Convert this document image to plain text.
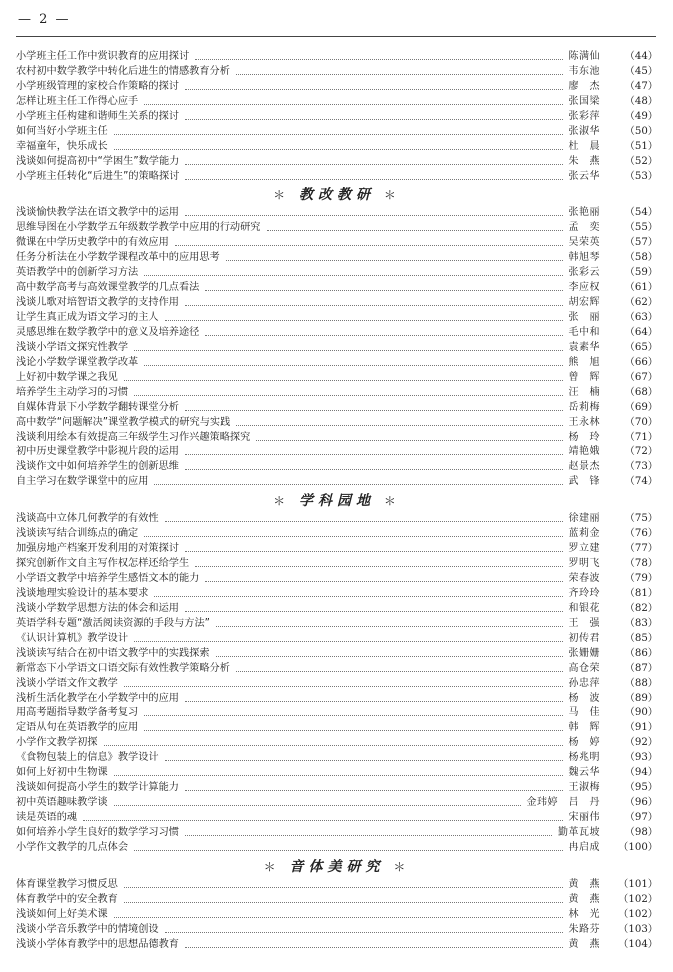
— 2 —
小学班主任工作中赏识教育的应用探讨	陈满仙	（44）
农村初中数学教学中转化后进生的情感教育分析	韦东池	（45）
小学班级管理的家校合作策略的探讨	廖　杰	（47）
怎样让班主任工作得心应手	张国梁	（48）
小学班主任构建和谐师生关系的探讨	张彩萍	（49）
如何当好小学班主任	张淑华	（50）
幸福童年，快乐成长	杜　晨	（51）
浅谈如何提高初中“学困生”数学能力	朱　燕	（52）
小学班主任转化“后进生”的策略探讨	张云华	（53）
＊ 教改教研 ＊
浅谈愉快教学法在语文教学中的运用	张艳丽	（54）
思维导图在小学数学五年级数学教学中应用的行动研究	孟　奕	（55）
微课在中学历史教学中的有效应用	吴荣英	（57）
任务分析法在小学数学课程改革中的应用思考	韩旭琴	（58）
英语教学中的创新学习方法	张彩云	（59）
高中数学高考与高效课堂教学的几点看法	李应权	（61）
浅谈儿歌对培智语文教学的支持作用	胡宏辉	（62）
让学生真正成为语文学习的主人	张　丽	（63）
灵感思维在数学教学中的意义及培养途径	毛中和	（64）
浅谈小学语文探究性教学	袁素华	（65）
浅论小学数学课堂教学改革	熊　旭	（66）
上好初中数学课之我见	曾　辉	（67）
培养学生主动学习的习惯	汪　楠	（68）
自媒体背景下小学数学翻转课堂分析	岳莉梅	（69）
高中数学“问题解决”课堂教学模式的研究与实践	王永林	（70）
浅谈利用绘本有效提高三年级学生习作兴趣策略探究	杨　玲	（71）
初中历史课堂教学中影视片段的运用	靖艳娥	（72）
浅谈作文中如何培养学生的创新思维	赵景杰	（73）
自主学习在数学课堂中的应用	武　锋	（74）
＊ 学科园地 ＊
浅谈高中立体几何教学的有效性	徐建丽	（75）
浅谈读写结合训练点的确定	蓝莉金	（76）
加强房地产档案开发利用的对策探讨	罗立建	（77）
探究创新作文自主写作权怎样还给学生	罗明飞	（78）
小学语文教学中培养学生感悟文本的能力	荣春波	（79）
浅谈地理实验设计的基本要求	齐玲玲	（81）
浅谈小学数学思想方法的体会和运用	和银花	（82）
英语学科专题“激活阅读资源的手段与方法”	王　强	（83）
《认识计算机》教学设计	初传君	（85）
浅谈读写结合在初中语文教学中的实践探索	张姗姗	（86）
新常态下小学语文口语交际有效性教学策略分析	高仓荣	（87）
浅谈小学语文作文教学	孙忠萍	（88）
浅析生活化教学在小学数学中的应用	杨　波	（89）
用高考题指导数学备考复习	马　佳	（90）
定语从句在英语教学的应用	韩　辉	（91）
小学作文教学初探	杨　婷	（92）
《食物包装上的信息》教学设计	杨兆明	（93）
如何上好初中生物课	魏云华	（94）
浅谈如何提高小学生的数学计算能力	王淑梅	（95）
初中英语趣味教学谈	金玮婷　吕　丹	（96）
读是英语的魂	宋丽伟	（97）
如何培养小学生良好的数学学习习惯	勤革瓦坡	（98）
小学作文教学的几点体会	冉启成	（100）
＊ 音体美研究 ＊
体育课堂教学习惯反思	黄　燕	（101）
体育教学中的安全教育	黄　燕	（102）
浅谈如何上好美术课	林　光	（102）
浅谈小学音乐教学中的情境创设	朱路芬	（103）
浅谈小学体育教学中的思想品德教育	黄　燕	（104）
